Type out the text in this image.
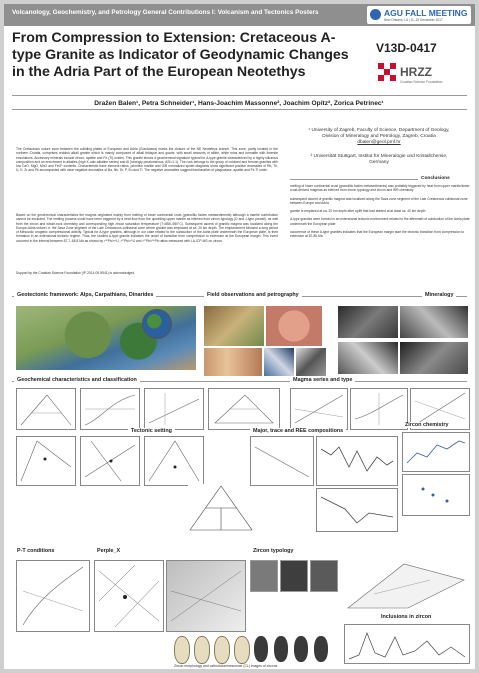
Volcanology, Geochemistry, and Petrology General Contributions I: Volcanism and Tectonics Posters	AGU FALL MEETING
New Orleans, LA | 11–15 December 2017
From Compression to Extension: Cretaceous A-type Granite as Indicator of Geodynamic Changes in the Adria Part of the European Neotethys
V13D-0417
HRZZ
Croatian Science Foundation
Dražen Balen¹, Petra Schneider¹, Hans-Joachim Massonne², Joachim Opitz², Zorica Petrinec¹

The Cretaceous suture zone between the colliding plates of European and Adria (Gondwana) marks the closure of the NE Neotethys branch. This zone, partly located in the northern Croatia, comprises reddish alkali granite which is mainly composed of alkali feldspar and quartz, with small amounts of albite, white mica and hematite with ilmenite exsolutions. Accessory minerals include zircon, apatite and Fe-(Ti)-oxides. This granite shows a geochemical signature typical for A-type granite characterized by a highly siliceous composition and an enrichment in alkalies (high K-calc-alkaline series) and Al (strongly peraluminous, ASI=1.1). The rock belongs to the group of oxidized and ferroan granites with low CaO, MgO, MnO and FeO* contents. Characteristic trace element ratios, primitive mantle and OIB normalized spider-diagrams show significant positive anomalies of Rb, Th, U, K, Zr and Pb accompanied with clear negative anomalies of Ba, Nb, Sr, P, Eu and Ti. The negative anomalies suggest fractionation of plagioclase, apatite and Fe-Ti oxide.

Based on the geochemical characteristics the magma originated mainly from melting of lower continental crust (granulitic facies metasediments) although a mantle contribution cannot be excluded. The melting process could have been triggered by a heat flow from the upwelling upper mantle as inferred from zircon typology (D and J-type prevail), as well from the zircon and whole-rock chemistry and corresponding high zircon saturation temperature (T=855–950°C). Subsequent ascent of granitic magma was localized along the Europe-Adria suture i.e. the Sava Zone segment of the Late Cretaceous collisional zone where granite was emplaced at ca. 20 km depth. The emplacement followed a long period of Mesozoic orogenic compressional activity. Typical for A-type granites, although in our case related to the subduction of the Adria plate underneath the European plate, is their formation in an extensional tectonic regime. Thus, the studied A-type granite indicates the onset of transition from compression to extension at the European margin. This event occurred in the interval between 87.7–85.8 Ma as shown by ²⁰⁶Pb/²³⁸U, ²⁰⁷Pb/²³⁵U and ²⁰⁷Pb/²⁰⁶Pb ratios measured with LA-ICP-MS on zircon.

Support by the Croatian Science Foundation (IP-2014-09-9541) is acknowledged.

¹ University of Zagreb, Faculty of Science, Department of Geology,
Division of Mineralogy and Petrology, Zagreb, Croatia
dbalen@geol.pmf.hr
² Universität Stuttgart, Institut für Mineralogie und Kristallchemie,
Germany
Conclusions
melting of lower continental crust (granulitic facies metasediments) was probably triggered by heat from upper mantle/lower crust-derived magmas as inferred from zircon typology and zircon and WR chemistry
subsequent ascent of granitic magma was localized along the Sava zone segment of the Late Cretaceous collisional zone between Europe and Adria
granite is emplaced at ca. 20 km depth after uplift that had started at at least ca. 40 km depth
A-type granites were formed in an extensional tectonic environment related to the aftermath of subduction of the Adria plate underneath the European plate
occurrence of these A-type granites indicates that the European margin start the tectonic transition from compression to extension at 87-85 Ma
Geotectonic framework: Alps, Carpathians, Dinarides	Field observations and petrography	Mineralogy
Geochemical characteristics and classification	Magma series and type
Tectonic setting	Major, trace and REE compositions
Zircon chemistry
P-T conditions	Perple_X	Zircon typology
Inclusions in zircon
Zircon morphology and cathodoluminescence (CL) images of zircons
